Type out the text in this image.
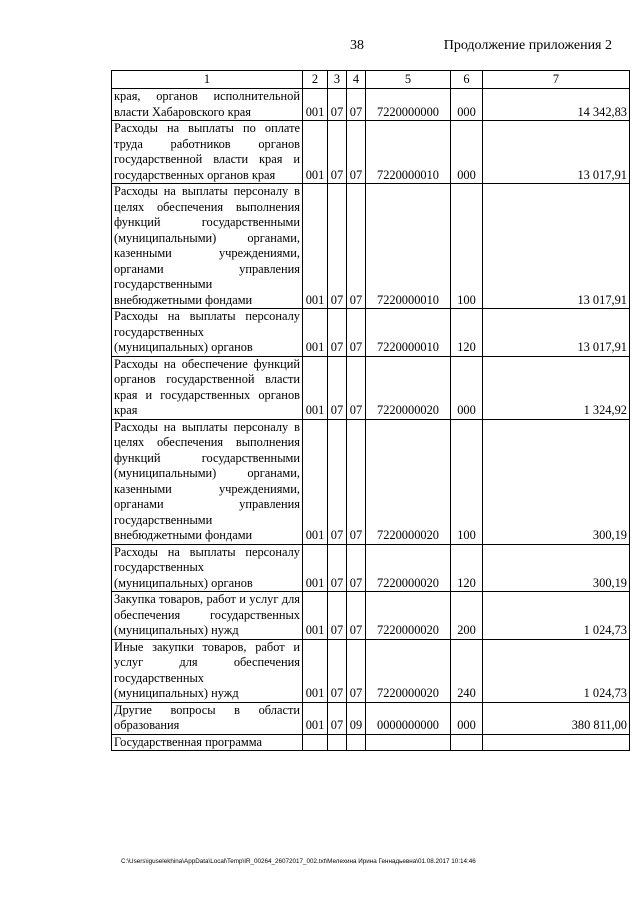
38	Продолжение приложения 2
1	2	3	4	5	6	7
края, органов исполнительной власти Хабаровского края	001	07	07	7220000000	000	14 342,83
Расходы на выплаты по оплате труда работников органов государственной власти края и государственных органов края	001	07	07	7220000010	000	13 017,91
Расходы на выплаты персоналу в целях обеспечения выполнения функций государственными (муниципальными) органами, казенными учреждениями, органами управления государственными внебюджетными фондами	001	07	07	7220000010	100	13 017,91
Расходы на выплаты персоналу государственных (муниципальных) органов	001	07	07	7220000010	120	13 017,91
Расходы на обеспечение функций органов государственной власти края и государственных органов края	001	07	07	7220000020	000	1 324,92
Расходы на выплаты персоналу в целях обеспечения выполнения функций государственными (муниципальными) органами, казенными учреждениями, органами управления государственными внебюджетными фондами	001	07	07	7220000020	100	300,19
Расходы на выплаты персоналу государственных (муниципальных) органов	001	07	07	7220000020	120	300,19
Закупка товаров, работ и услуг для обеспечения государственных (муниципальных) нужд	001	07	07	7220000020	200	1 024,73
Иные закупки товаров, работ и услуг для обеспечения государственных (муниципальных) нужд	001	07	07	7220000020	240	1 024,73
Другие вопросы в области образования	001	07	09	0000000000	000	380 811,00
Государственная программа						
C:\Users\iguselekhina\AppData\Local\Temp\IR_00264_26072017_002.txt\Мелехина Ирина Геннадьевна\01.08.2017 10:14:46
